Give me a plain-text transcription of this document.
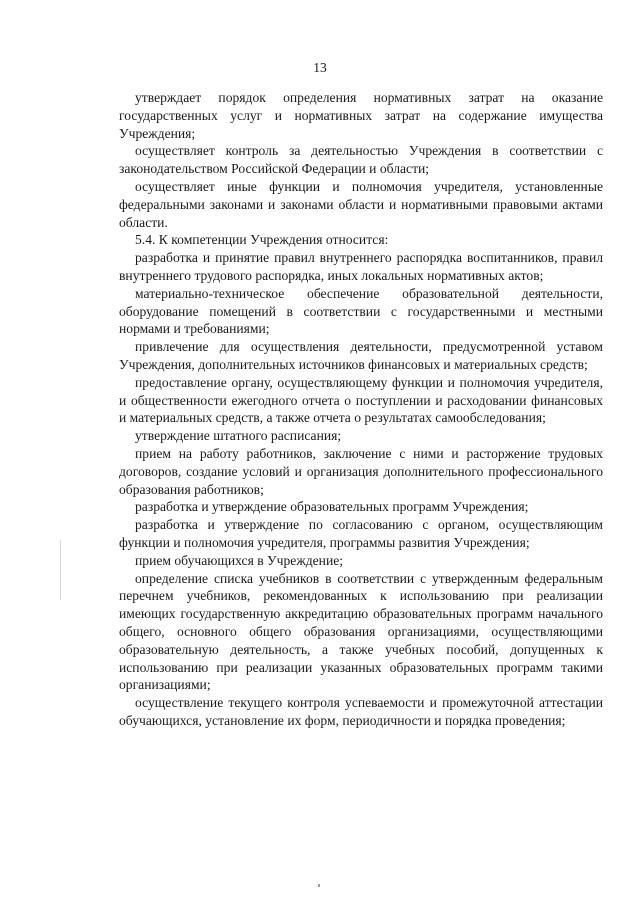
13

утверждает порядок определения нормативных затрат на оказание государственных услуг и нормативных затрат на содержание имущества Учреждения;

осуществляет контроль за деятельностью Учреждения в соответствии с законодательством Российской Федерации и области;

осуществляет иные функции и полномочия учредителя, установленные федеральными законами и законами области и нормативными правовыми актами области.

5.4. К компетенции Учреждения относится:

разработка и принятие правил внутреннего распорядка воспитанников, правил внутреннего трудового распорядка, иных локальных нормативных актов;

материально-техническое обеспечение образовательной деятельности, оборудование помещений в соответствии с государственными и местными нормами и требованиями;

привлечение для осуществления деятельности, предусмотренной уставом Учреждения, дополнительных источников финансовых и материальных средств;

предоставление органу, осуществляющему функции и полномочия учредителя, и общественности ежегодного отчета о поступлении и расходовании финансовых и материальных средств, а также отчета о результатах самообследования;

утверждение штатного расписания;

прием на работу работников, заключение с ними и расторжение трудовых договоров, создание условий и организация дополнительного профессионального образования работников;

разработка и утверждение образовательных программ Учреждения;

разработка и утверждение по согласованию с органом, осуществляющим функции и полномочия учредителя, программы развития Учреждения;

прием обучающихся в Учреждение;

определение списка учебников в соответствии с утвержденным федеральным перечнем учебников, рекомендованных к использованию при реализации имеющих государственную аккредитацию образовательных программ начального общего, основного общего образования организациями, осуществляющими образовательную деятельность, а также учебных пособий, допущенных к использованию при реализации указанных образовательных программ такими организациями;

осуществление текущего контроля успеваемости и промежуточной аттестации обучающихся, установление их форм, периодичности и порядка проведения;
